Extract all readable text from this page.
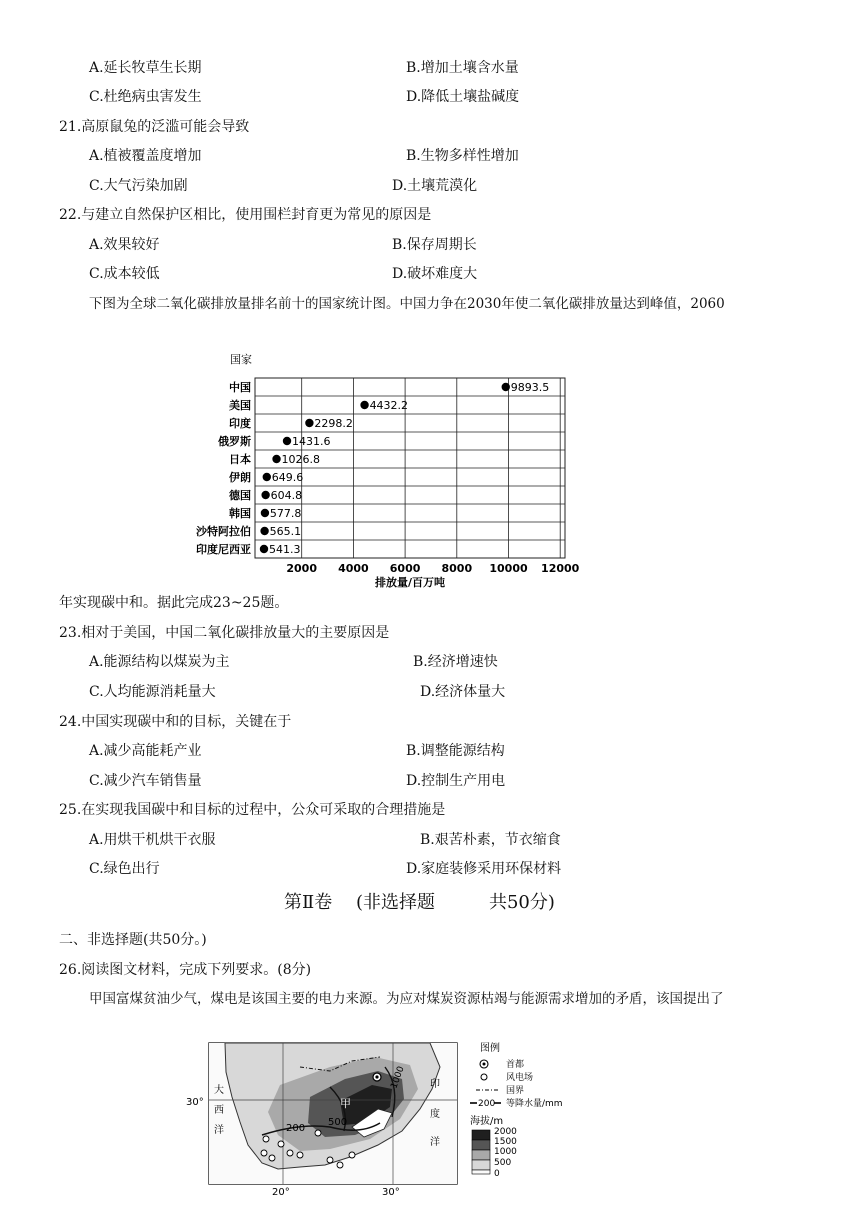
A.延长牧草生长期	B.增加土壤含水量
C.杜绝病虫害发生	D.降低土壤盐碱度
21.高原鼠兔的泛滥可能会导致
A.植被覆盖度增加	B.生物多样性增加
C.大气污染加剧	D.土壤荒漠化
22.与建立自然保护区相比，使用围栏封育更为常见的原因是
A.效果较好	B.保存周期长
C.成本较低	D.破坏难度大
下图为全球二氧化碳排放量排名前十的国家统计图。中国力争在2030年使二氧化碳排放量达到峰值，2060
国家
中国
美国
印度
俄罗斯
日本
伊朗
德国
韩国
沙特阿拉伯
印度尼西亚
9893.5
4432.2
2298.2
1431.6
1026.8
649.6
604.8
577.8
565.1
541.3
2000 4000 6000 8000 10000 12000
排放量/百万吨
年实现碳中和。据此完成23~25题。
23.相对于美国，中国二氧化碳排放量大的主要原因是
A.能源结构以煤炭为主	B.经济增速快
C.人均能源消耗量大	D.经济体量大
24.中国实现碳中和的目标，关键在于
A.减少高能耗产业	B.调整能源结构
C.减少汽车销售量	D.控制生产用电
25.在实现我国碳中和目标的过程中，公众可采取的合理措施是
A.用烘干机烘干衣服	B.艰苦朴素，节衣缩食
C.绿色出行	D.家庭装修采用环保材料
第Ⅱ卷　 (非选择题　　　共50分)
二、非选择题(共50分。)
26.阅读图文材料，完成下列要求。(8分)
甲国富煤贫油少气，煤电是该国主要的电力来源。为应对煤炭资源枯竭与能源需求增加的矛盾，该国提出了
30°
20°	30°
大
西
洋
印
度
洋
甲
200
500
1000
图例
首都
风电场
国界
200 等降水量/mm
海拔/m
2000
1500
1000
500
0
